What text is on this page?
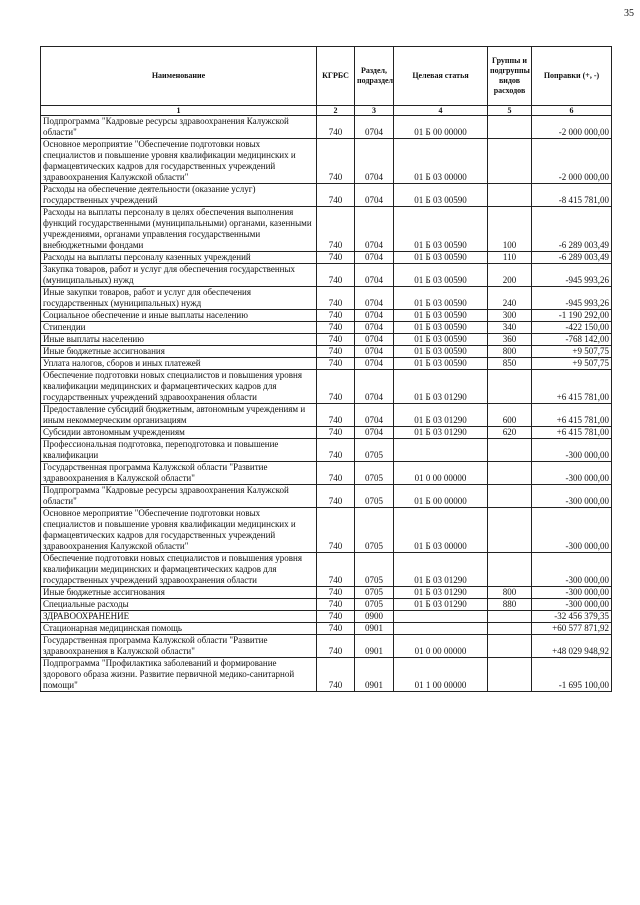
35
Наименование	КГРБС	Раздел, подраздел	Целевая статья	Группы и подгруппы видов расходов	Поправки (+, -)
1	2	3	4	5	6
Подпрограмма "Кадровые ресурсы здравоохранения Калужской области"	740	0704	01 Б 00 00000		-2 000 000,00
Основное мероприятие "Обеспечение подготовки новых специалистов и повышение уровня квалификации медицинских и фармацевтических кадров для государственных учреждений здравоохранения Калужской области"	740	0704	01 Б 03 00000		-2 000 000,00
Расходы на обеспечение деятельности (оказание услуг) государственных учреждений	740	0704	01 Б 03 00590		-8 415 781,00
Расходы на выплаты персоналу в целях обеспечения выполнения функций государственными (муниципальными) органами, казенными учреждениями, органами управления государственными внебюджетными фондами	740	0704	01 Б 03 00590	100	-6 289 003,49
Расходы на выплаты персоналу казенных учреждений	740	0704	01 Б 03 00590	110	-6 289 003,49
Закупка товаров, работ и услуг для обеспечения государственных (муниципальных) нужд	740	0704	01 Б 03 00590	200	-945 993,26
Иные закупки товаров, работ и услуг для обеспечения государственных (муниципальных) нужд	740	0704	01 Б 03 00590	240	-945 993,26
Социальное обеспечение и иные выплаты населению	740	0704	01 Б 03 00590	300	-1 190 292,00
Стипендии	740	0704	01 Б 03 00590	340	-422 150,00
Иные выплаты населению	740	0704	01 Б 03 00590	360	-768 142,00
Иные бюджетные ассигнования	740	0704	01 Б 03 00590	800	+9 507,75
Уплата налогов, сборов и иных платежей	740	0704	01 Б 03 00590	850	+9 507,75
Обеспечение подготовки новых специалистов и повышения уровня квалификации медицинских и фармацевтических кадров для государственных учреждений здравоохранения области	740	0704	01 Б 03 01290		+6 415 781,00
Предоставление субсидий бюджетным, автономным учреждениям и иным некоммерческим организациям	740	0704	01 Б 03 01290	600	+6 415 781,00
Субсидии автономным учреждениям	740	0704	01 Б 03 01290	620	+6 415 781,00
Профессиональная подготовка, переподготовка и повышение квалификации	740	0705			-300 000,00
Государственная программа Калужской области "Развитие здравоохранения в Калужской области"	740	0705	01 0 00 00000		-300 000,00
Подпрограмма "Кадровые ресурсы здравоохранения Калужской области"	740	0705	01 Б 00 00000		-300 000,00
Основное мероприятие "Обеспечение подготовки новых специалистов и повышение уровня квалификации медицинских и фармацевтических кадров для государственных учреждений здравоохранения Калужской области"	740	0705	01 Б 03 00000		-300 000,00
Обеспечение подготовки новых специалистов и повышения уровня квалификации медицинских и фармацевтических кадров для государственных учреждений здравоохранения области	740	0705	01 Б 03 01290		-300 000,00
Иные бюджетные ассигнования	740	0705	01 Б 03 01290	800	-300 000,00
Специальные расходы	740	0705	01 Б 03 01290	880	-300 000,00
ЗДРАВООХРАНЕНИЕ	740	0900			-32 456 379,35
Стационарная медицинская помощь	740	0901			+60 577 871,92
Государственная программа Калужской области "Развитие здравоохранения в Калужской области"	740	0901	01 0 00 00000		+48 029 948,92
Подпрограмма "Профилактика заболеваний и формирование здорового образа жизни. Развитие первичной медико-санитарной помощи"	740	0901	01 1 00 00000		-1 695 100,00
